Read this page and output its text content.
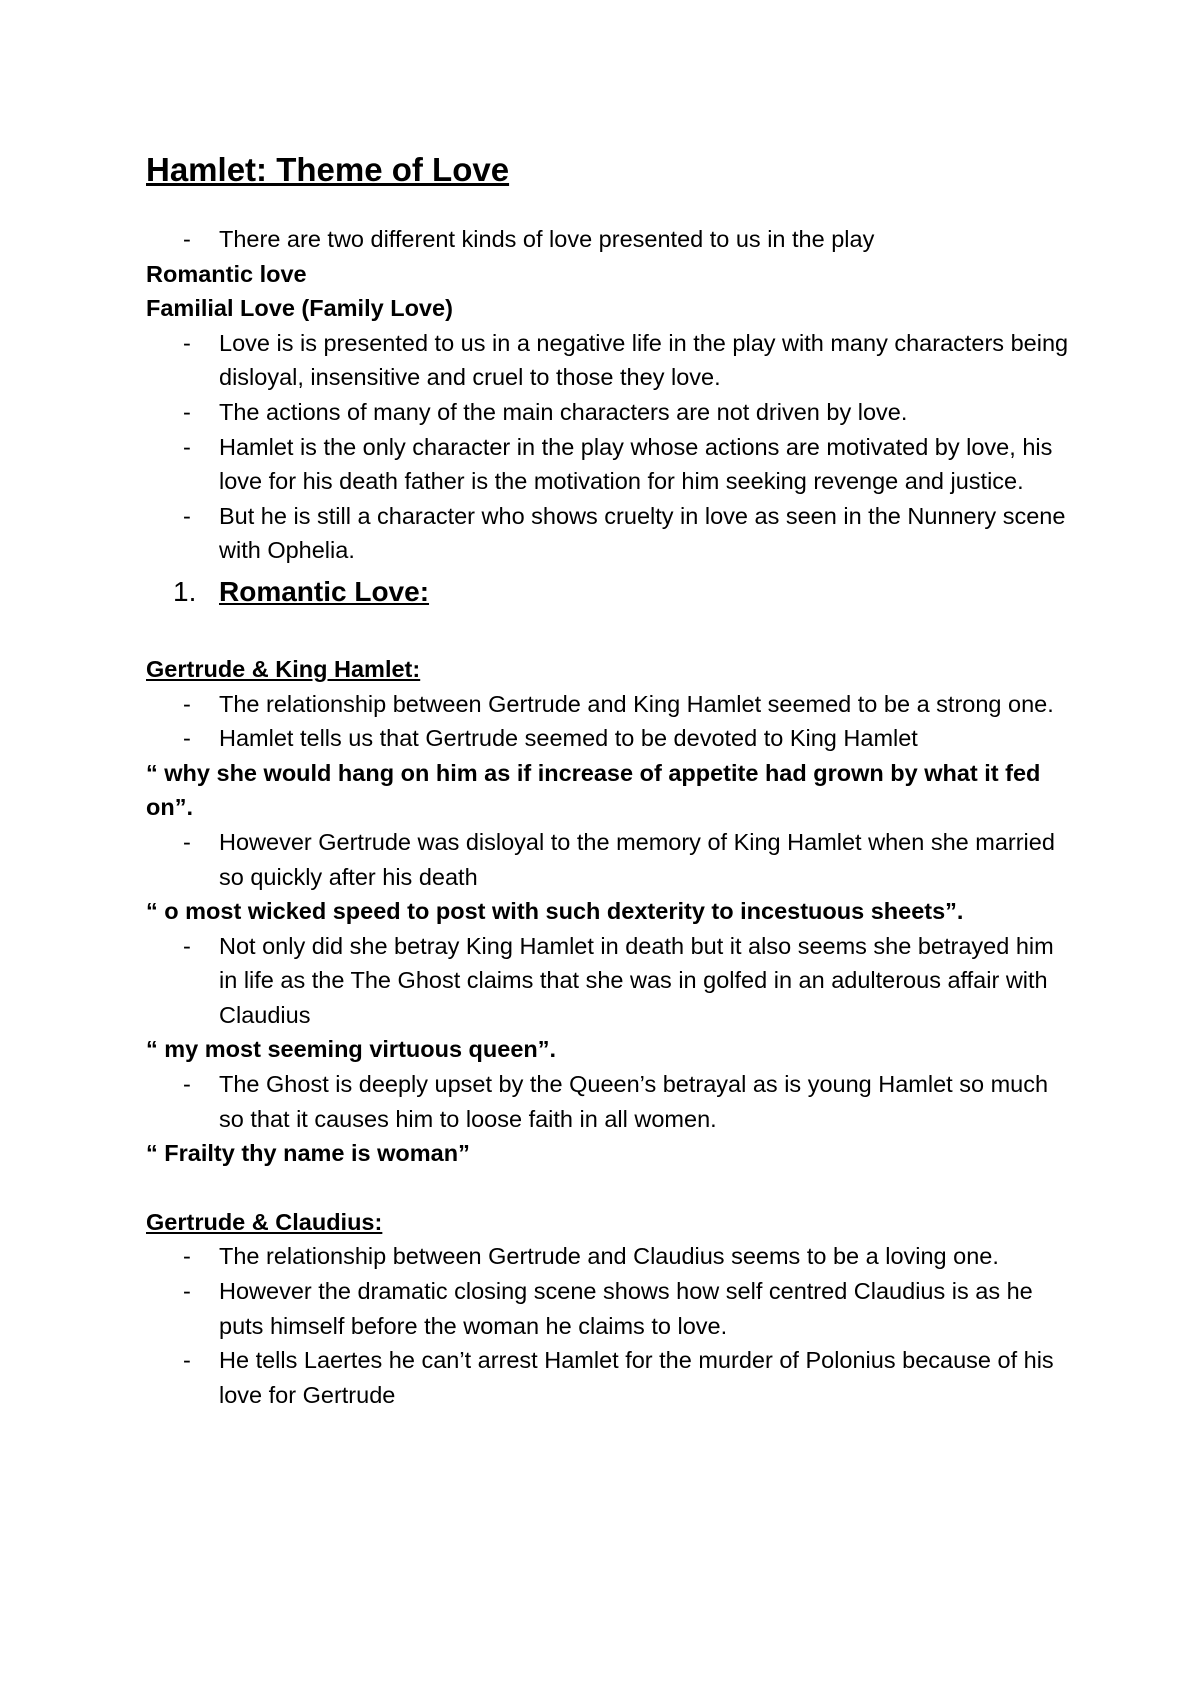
Hamlet: Theme of Love
- There are two different kinds of love presented to us in the play
Romantic love
Familial Love (Family Love)
- Love is is presented to us in a negative life in the play with many characters being disloyal, insensitive and cruel to those they love.
- The actions of many of the main characters are not driven by love.
- Hamlet is the only character in the play whose actions are motivated by love, his love for his death father is the motivation for him seeking revenge and justice.
- But he is still a character who shows cruelty in love as seen in the Nunnery scene with Ophelia.
1. Romantic Love:
Gertrude & King Hamlet:
- The relationship between Gertrude and King Hamlet seemed to be a strong one.
- Hamlet tells us that Gertrude seemed to be devoted to King Hamlet
“ why she would hang on him as if increase of appetite had grown by what it fed on”.
- However Gertrude was disloyal to the memory of King Hamlet when she married so quickly after his death
“ o most wicked speed to post with such dexterity to incestuous sheets”.
- Not only did she betray King Hamlet in death but it also seems she betrayed him in life as the The Ghost claims that she was in golfed in an adulterous affair with Claudius
“ my most seeming virtuous queen”.
- The Ghost is deeply upset by the Queen’s betrayal as is young Hamlet so much so that it causes him to loose faith in all women.
“ Frailty thy name is woman”
Gertrude & Claudius:
- The relationship between Gertrude and Claudius seems to be a loving one.
- However the dramatic closing scene shows how self centred Claudius is as he puts himself before the woman he claims to love.
- He tells Laertes he can’t arrest Hamlet for the murder of Polonius because of his love for Gertrude
